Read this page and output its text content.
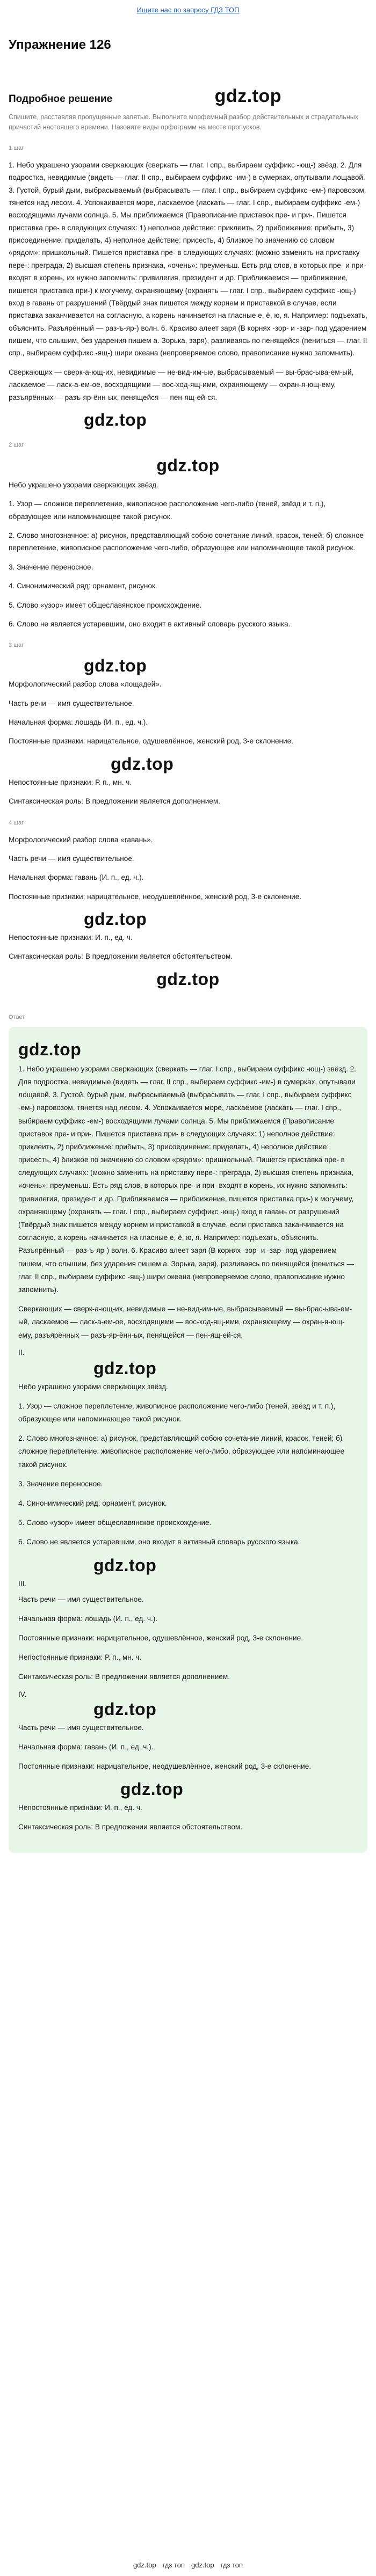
Ищите нас по запросу ГДЗ ТОП
Упражнение 126
Подробное решение	gdz.top
Спишите, расставляя пропущенные запятые. Выполните морфемный разбор действительных и страдательных причастий настоящего времени. Назовите виды орфограмм на месте пропусков.
1 шаг

1. Небо украшено узорами сверкающих (сверкать — глаг. I спр., выбираем суффикс -ющ-) звёзд. 2. Для подростка, невидимые (видеть — глаг. II спр., выбираем суффикс -им-) в сумерках, опутывали лощавой. 3. Густой, бурый дым, выбрасываемый (выбрасывать — глаг. I спр., выбираем суффикс -ем-) паровозом, тянется над лесом. 4. Успокаивается море, ласкаемое (ласкать — глаг. I спр., выбираем суффикс -ем-) восходящими лучами солнца. 5. Мы приближаемся (Правописание приставок пре- и при-. Пишется приставка пре- в следующих случаях: 1) неполное действие: приклеить, 2) приближение: прибыть, 3) присоединение: приделать, 4) неполное действие: присесть, 4) близкое по значению со словом «рядом»: пришкольный. Пишется приставка пре- в следующих случаях: (можно заменить на приставку пере-: преграда, 2) высшая степень признака, «очень»: преуменьш. Есть ряд слов, в которых пре- и при- входят в корень, их нужно запомнить: привилегия, президент и др. Приближаемся — приближение, пишется приставка при-) к могучему, охраняющему (охранять — глаг. I спр., выбираем суффикс -ющ-) вход в гавань от разрушений (Твёрдый знак пишется между корнем и приставкой в случае, если приставка заканчивается на согласную, а корень начинается на гласные е, ё, ю, я. Например: подъехать, объяснить. Разъярённый — раз-ъ-яр-) волн. 6. Красиво алеет заря (В корнях -зор- и -зар- под ударением пишем, что слышим, без ударения пишем а. Зорька, заря), разливаясь по пенящейся (пениться — глаг. II спр., выбираем суффикс -ящ-) шири океана (непроверяемое слово, правописание нужно запомнить).

Сверкающих — сверк-а-ющ-их, невидимые — не-вид-им-ые, выбрасываемый — вы-брас-ыва-ем-ый, ласкаемое — ласк-а-ем-ое, восходящими — вос-ход-ящ-ими, охраняющему — охран-я-ющ-ему, разъярённых — разъ-яр-ённ-ых, пенящейся — пен-ящ-ей-ся.

gdz.top
2 шаг
gdz.top

Небо украшено узорами сверкающих звёзд.

1. Узор — сложное переплетение, живописное расположение чего-либо (теней, звёзд и т. п.), образующее или напоминающее такой рисунок.

2. Слово многозначное: а) рисунок, представляющий собою сочетание линий, красок, теней; б) сложное переплетение, живописное расположение чего-либо, образующее или напоминающее такой рисунок.

3. Значение переносное.

4. Синонимический ряд: орнамент, рисунок.

5. Слово «узор» имеет общеславянское происхождение.

6. Слово не является устаревшим, оно входит в активный словарь русского языка.

3 шаг
gdz.top

Морфологический разбор слова «лощадей».

Часть речи — имя существительное.

Начальная форма: лошадь (И. п., ед. ч.).

Постоянные признаки: нарицательное, одушевлённое, женский род, 3-е склонение.

gdz.top

Непостоянные признаки: Р. п., мн. ч.

Синтаксическая роль: В предложении является дополнением.

4 шаг

Морфологический разбор слова «гавань».

Часть речи — имя существительное.

Начальная форма: гавань (И. п., ед. ч.).

Постоянные признаки: нарицательное, неодушевлённое, женский род, 3-е склонение.

gdz.top

Непостоянные признаки: И. п., ед. ч.

Синтаксическая роль: В предложении является обстоятельством.

gdz.top
Ответ
gdz.top

1. Небо украшено узорами сверкающих (сверкать — глаг. I спр., выбираем суффикс -ющ-) звёзд. 2. Для подростка, невидимые (видеть — глаг. II спр., выбираем суффикс -им-) в сумерках, опутывали лощавой. 3. Густой, бурый дым, выбрасываемый (выбрасывать — глаг. I спр., выбираем суффикс -ем-) паровозом, тянется над лесом. 4. Успокаивается море, ласкаемое (ласкать — глаг. I спр., выбираем суффикс -ем-) восходящими лучами солнца. 5. Мы приближаемся (Правописание приставок пре- и при-. Пишется приставка при- в следующих случаях: 1) неполное действие: приклеить, 2) приближение: прибыть, 3) присоединение: приделать, 4) неполное действие: присесть, 4) близкое по значению со словом «рядом»: пришкольный. Пишется приставка пре- в следующих случаях: (можно заменить на приставку пере-: преграда, 2) высшая степень признака, «очень»: преуменьш. Есть ряд слов, в которых пре- и при- входят в корень, их нужно запомнить: привилегия, президент и др. Приближаемся — приближение, пишется приставка при-) к могучему, охраняющему (охранять — глаг. I спр., выбираем суффикс -ющ-) вход в гавань от разрушений (Твёрдый знак пишется между корнем и приставкой в случае, если приставка заканчивается на согласную, а корень начинается на гласные е, ё, ю, я. Например: подъехать, объяснить. Разъярённый — раз-ъ-яр-) волн. 6. Красиво алеет заря (В корнях -зор- и -зар- под ударением пишем, что слышим, без ударения пишем а. Зорька, заря), разливаясь по пенящейся (пениться — глаг. II спр., выбираем суффикс -ящ-) шири океана (непроверяемое слово, правописание нужно запомнить).

Сверкающих — сверк-а-ющ-их, невидимые — не-вид-им-ые, выбрасываемый — вы-брас-ыва-ем-ый, ласкаемое — ласк-а-ем-ое, восходящими — вос-ход-ящ-ими, охраняющему — охран-я-ющ-ему, разъярённых — разъ-яр-ённ-ых, пенящейся — пен-ящ-ей-ся.

II.
gdz.top

Небо украшено узорами сверкающих звёзд.

1. Узор — сложное переплетение, живописное расположение чего-либо (теней, звёзд и т. п.), образующее или напоминающее такой рисунок.

2. Слово многозначное: а) рисунок, представляющий собою сочетание линий, красок, теней; б) сложное переплетение, живописное расположение чего-либо, образующее или напоминающее такой рисунок.

3. Значение переносное.

4. Синонимический ряд: орнамент, рисунок.

5. Слово «узор» имеет общеславянское происхождение.

6. Слово не является устаревшим, оно входит в активный словарь русского языка.

gdz.top
III.

Часть речи — имя существительное.

Начальная форма: лошадь (И. п., ед. ч.).

Постоянные признаки: нарицательное, одушевлённое, женский род, 3-е склонение.

Непостоянные признаки: Р. п., мн. ч.

Синтаксическая роль: В предложении является дополнением.

IV.
gdz.top

Часть речи — имя существительное.

Начальная форма: гавань (И. п., ед. ч.).

Постоянные признаки: нарицательное, неодушевлённое, женский род, 3-е склонение.

gdz.top

Непостоянные признаки: И. п., ед. ч.

Синтаксическая роль: В предложении является обстоятельством.

gdz.top гдз топ gdz.top гдз топ
